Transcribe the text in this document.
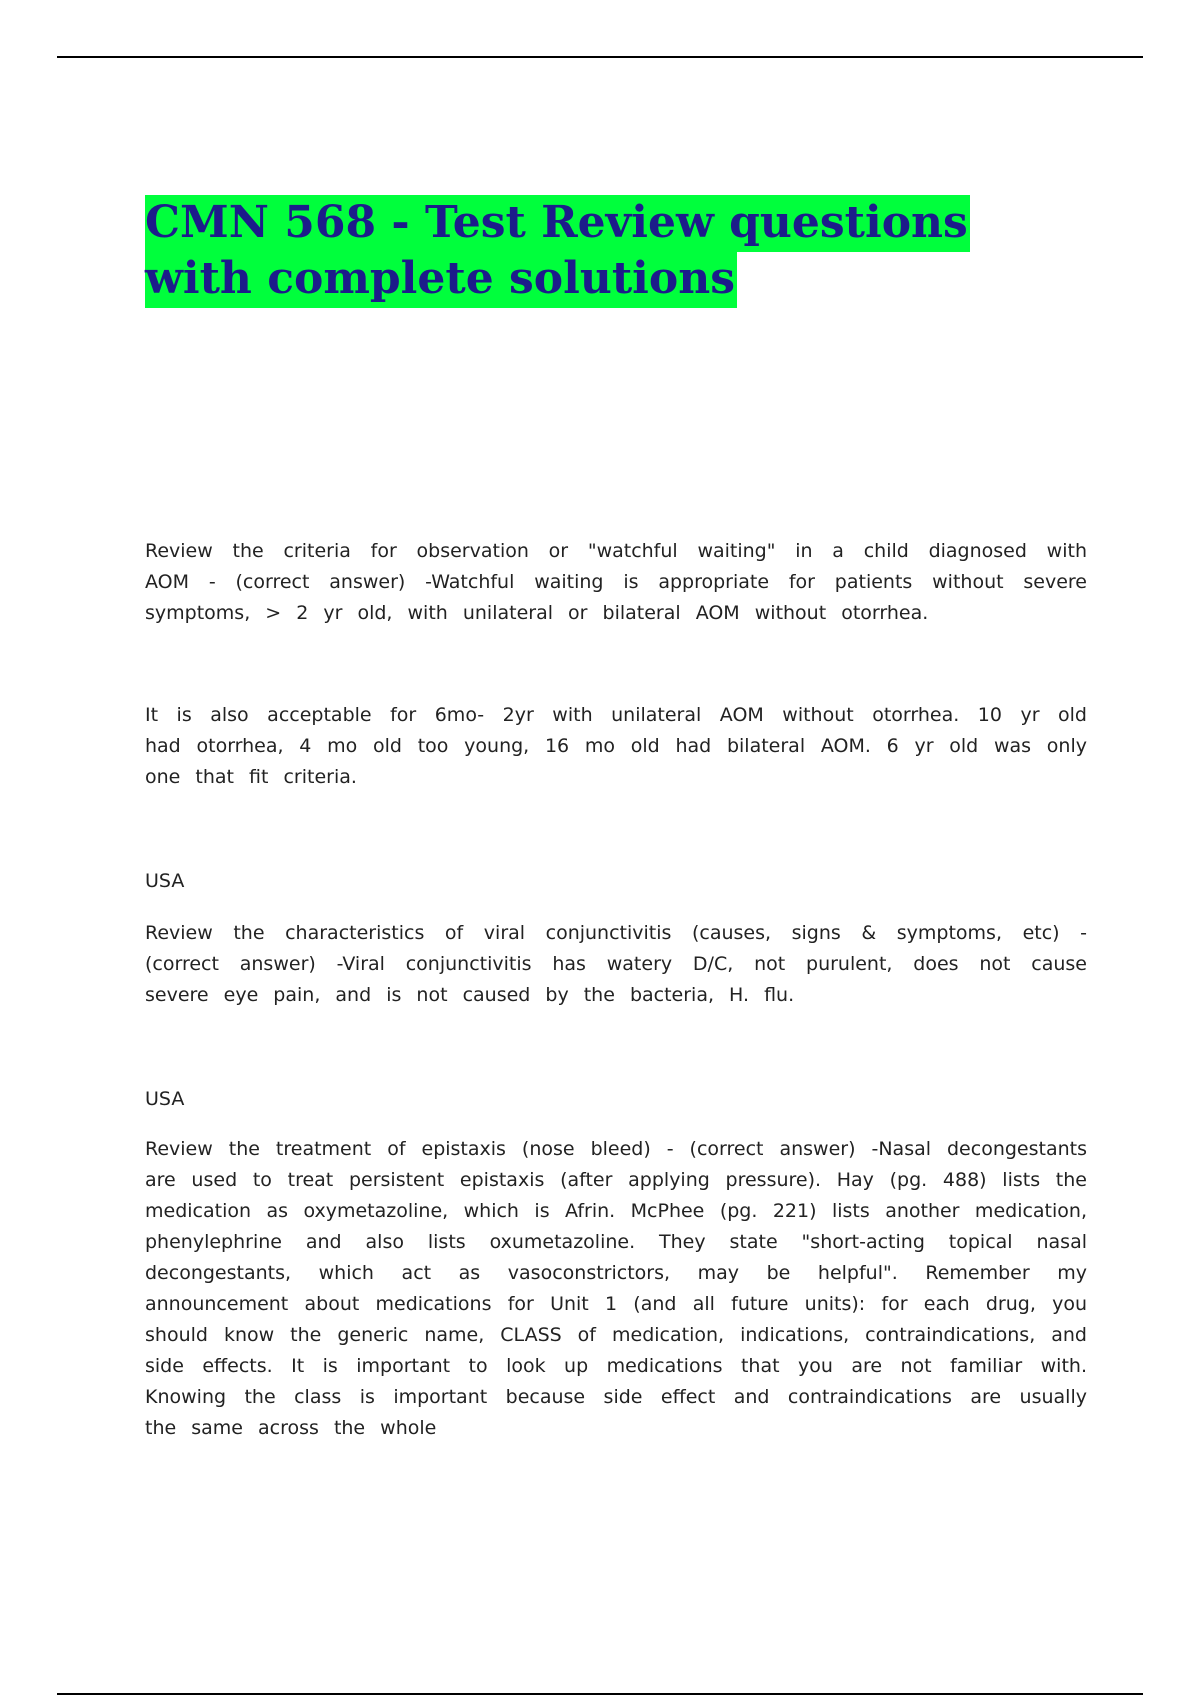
CMN 568 - Test Review questions with complete solutions

Review the criteria for observation or "watchful waiting" in a child diagnosed with AOM - (correct answer) -Watchful waiting is appropriate for patients without severe symptoms, > 2 yr old, with unilateral or bilateral AOM without otorrhea.

It is also acceptable for 6mo- 2yr with unilateral AOM without otorrhea. 10 yr old had otorrhea, 4 mo old too young, 16 mo old had bilateral AOM. 6 yr old was only one that fit criteria.

USA

Review the characteristics of viral conjunctivitis (causes, signs & symptoms, etc) - (correct answer) -Viral conjunctivitis has watery D/C, not purulent, does not cause severe eye pain, and is not caused by the bacteria, H. flu.

USA

Review the treatment of epistaxis (nose bleed) - (correct answer) -Nasal decongestants are used to treat persistent epistaxis (after applying pressure). Hay (pg. 488) lists the medication as oxymetazoline, which is Afrin. McPhee (pg. 221) lists another medication, phenylephrine and also lists oxumetazoline. They state "short-acting topical nasal decongestants, which act as vasoconstrictors, may be helpful". Remember my announcement about medications for Unit 1 (and all future units): for each drug, you should know the generic name, CLASS of medication, indications, contraindications, and side effects. It is important to look up medications that you are not familiar with. Knowing the class is important because side effect and contraindications are usually the same across the whole
